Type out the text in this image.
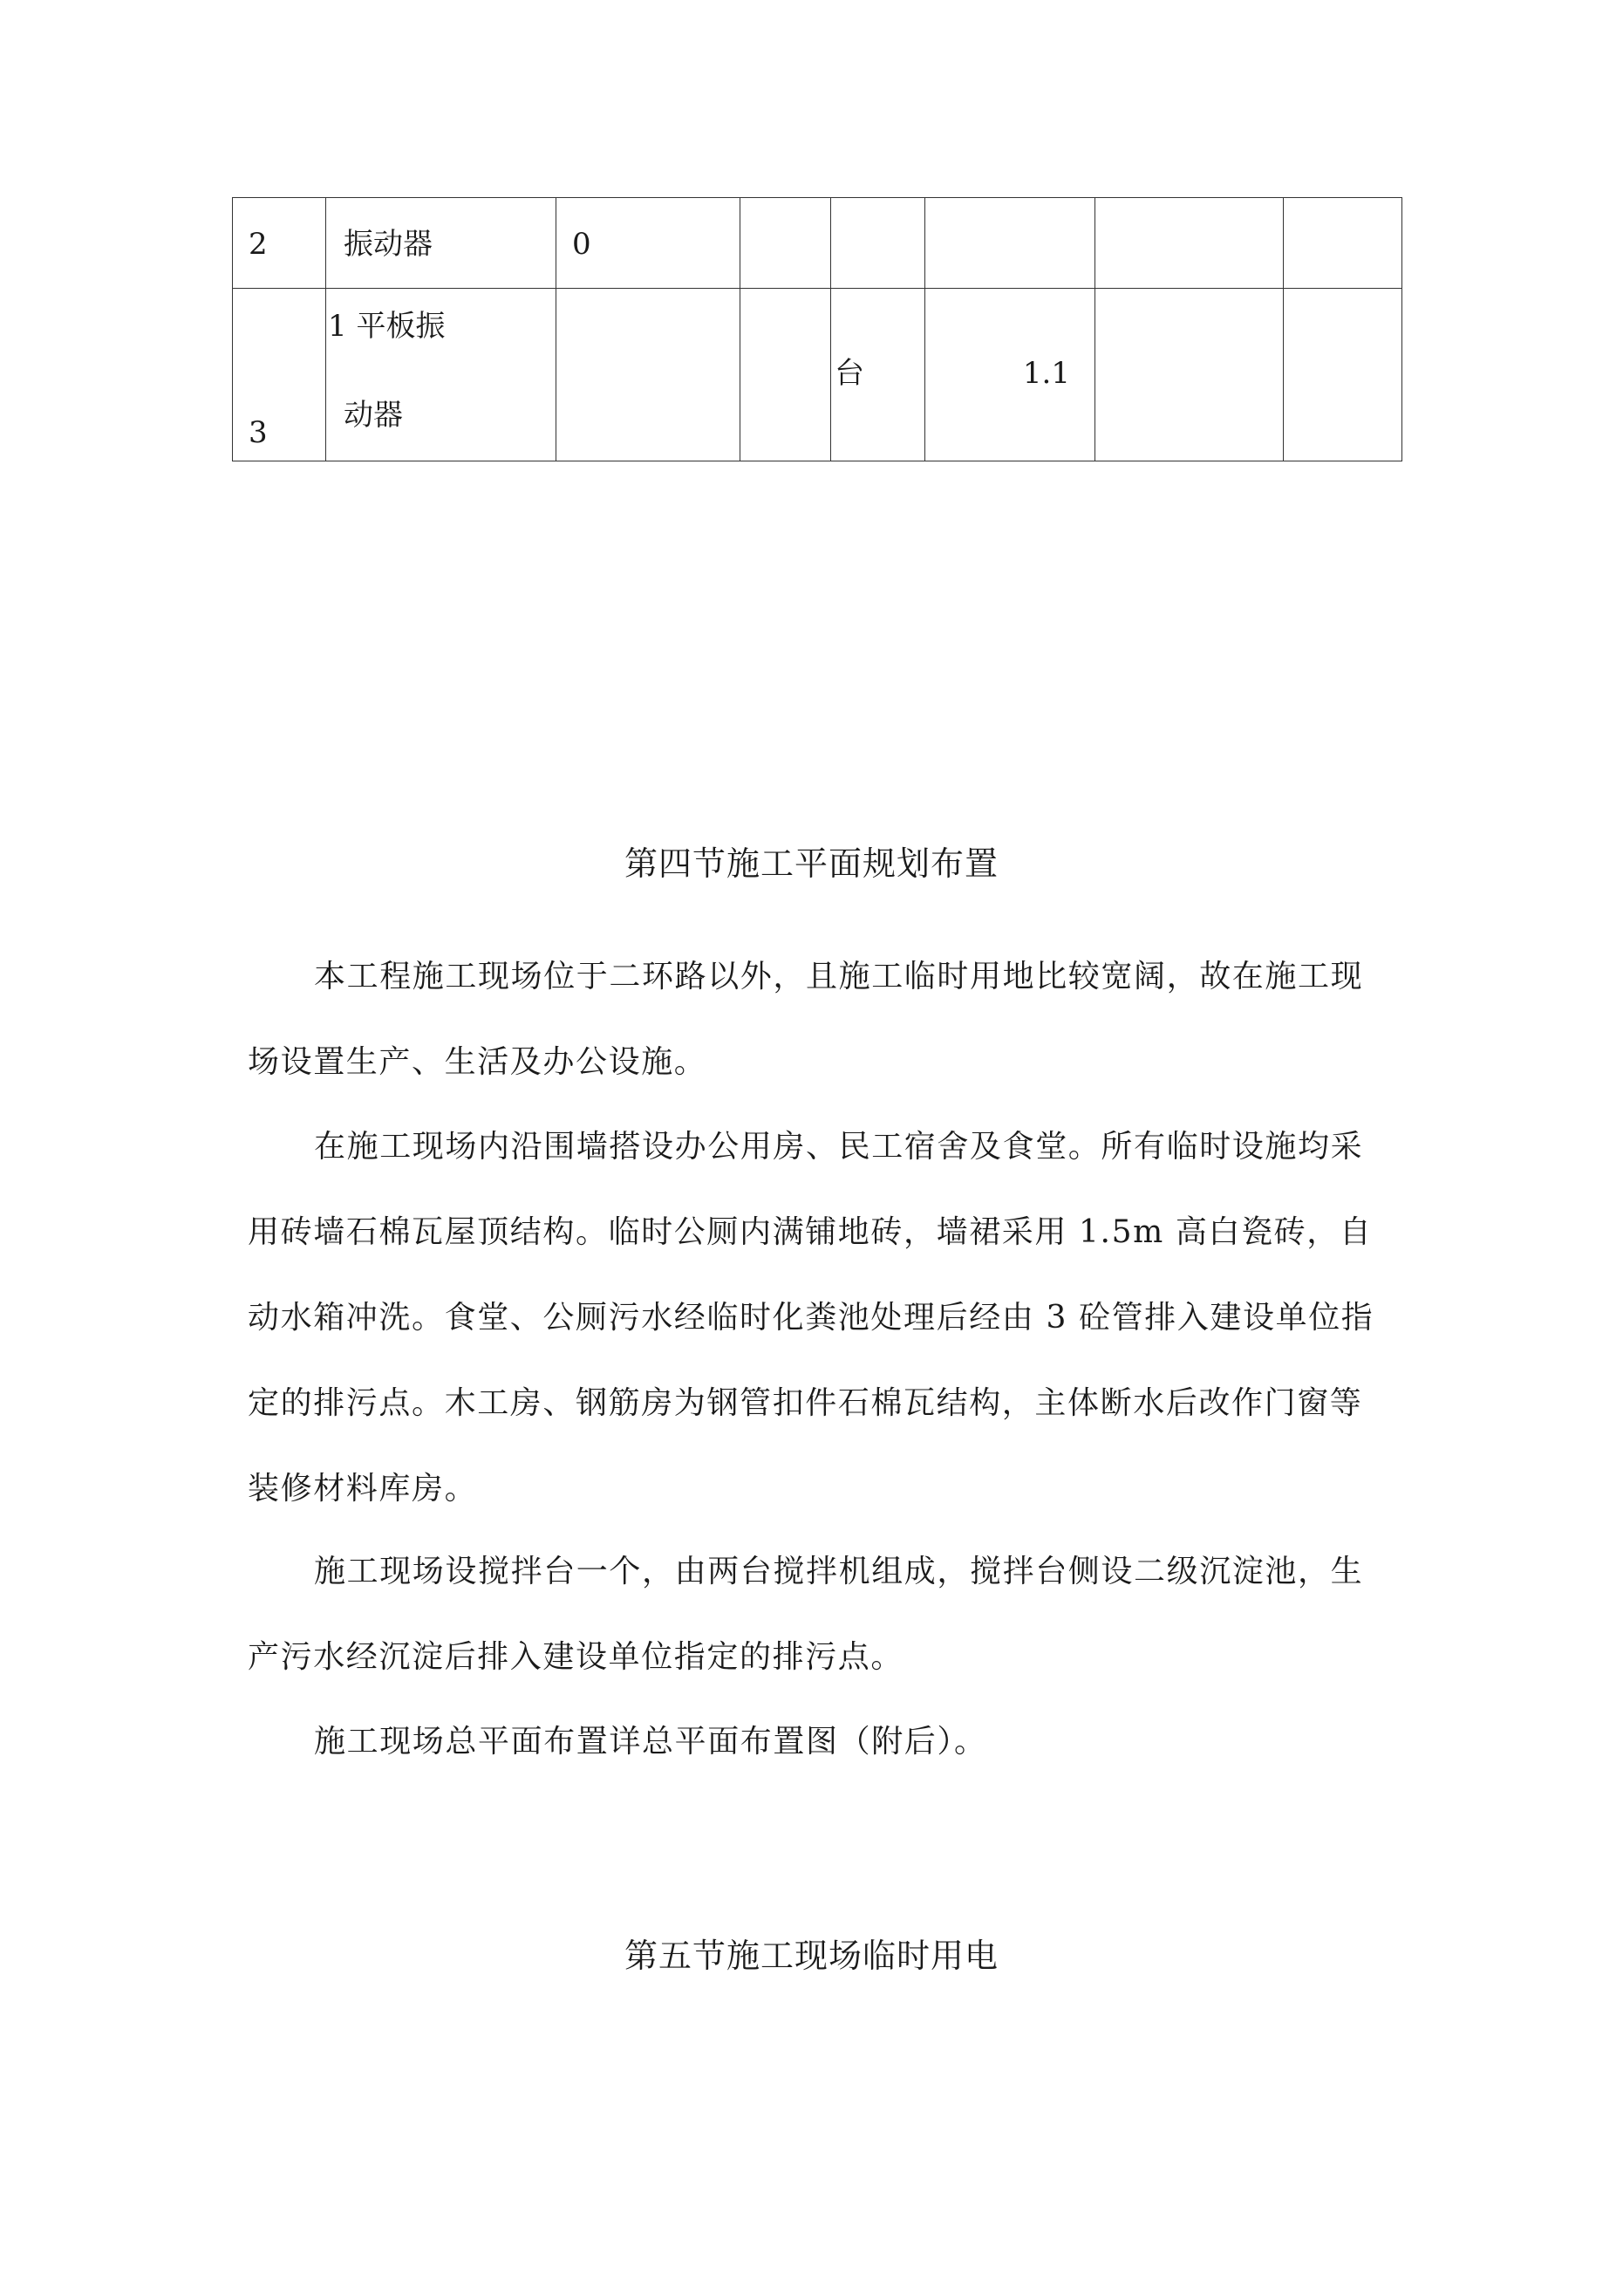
2	振动器	0					

3	1 平板振
动器			台	1.1		

第四节施工平面规划布置

本工程施工现场位于二环路以外，且施工临时用地比较宽阔，故在施工现
场设置生产、生活及办公设施。

在施工现场内沿围墙搭设办公用房、民工宿舍及食堂。所有临时设施均采
用砖墙石棉瓦屋顶结构。临时公厕内满铺地砖，墙裙采用 1.5m 高白瓷砖，自
动水箱冲洗。食堂、公厕污水经临时化粪池处理后经由 3 砼管排入建设单位指
定的排污点。木工房、钢筋房为钢管扣件石棉瓦结构，主体断水后改作门窗等
装修材料库房。

施工现场设搅拌台一个，由两台搅拌机组成，搅拌台侧设二级沉淀池，生
产污水经沉淀后排入建设单位指定的排污点。

施工现场总平面布置详总平面布置图（附后）。

第五节施工现场临时用电
